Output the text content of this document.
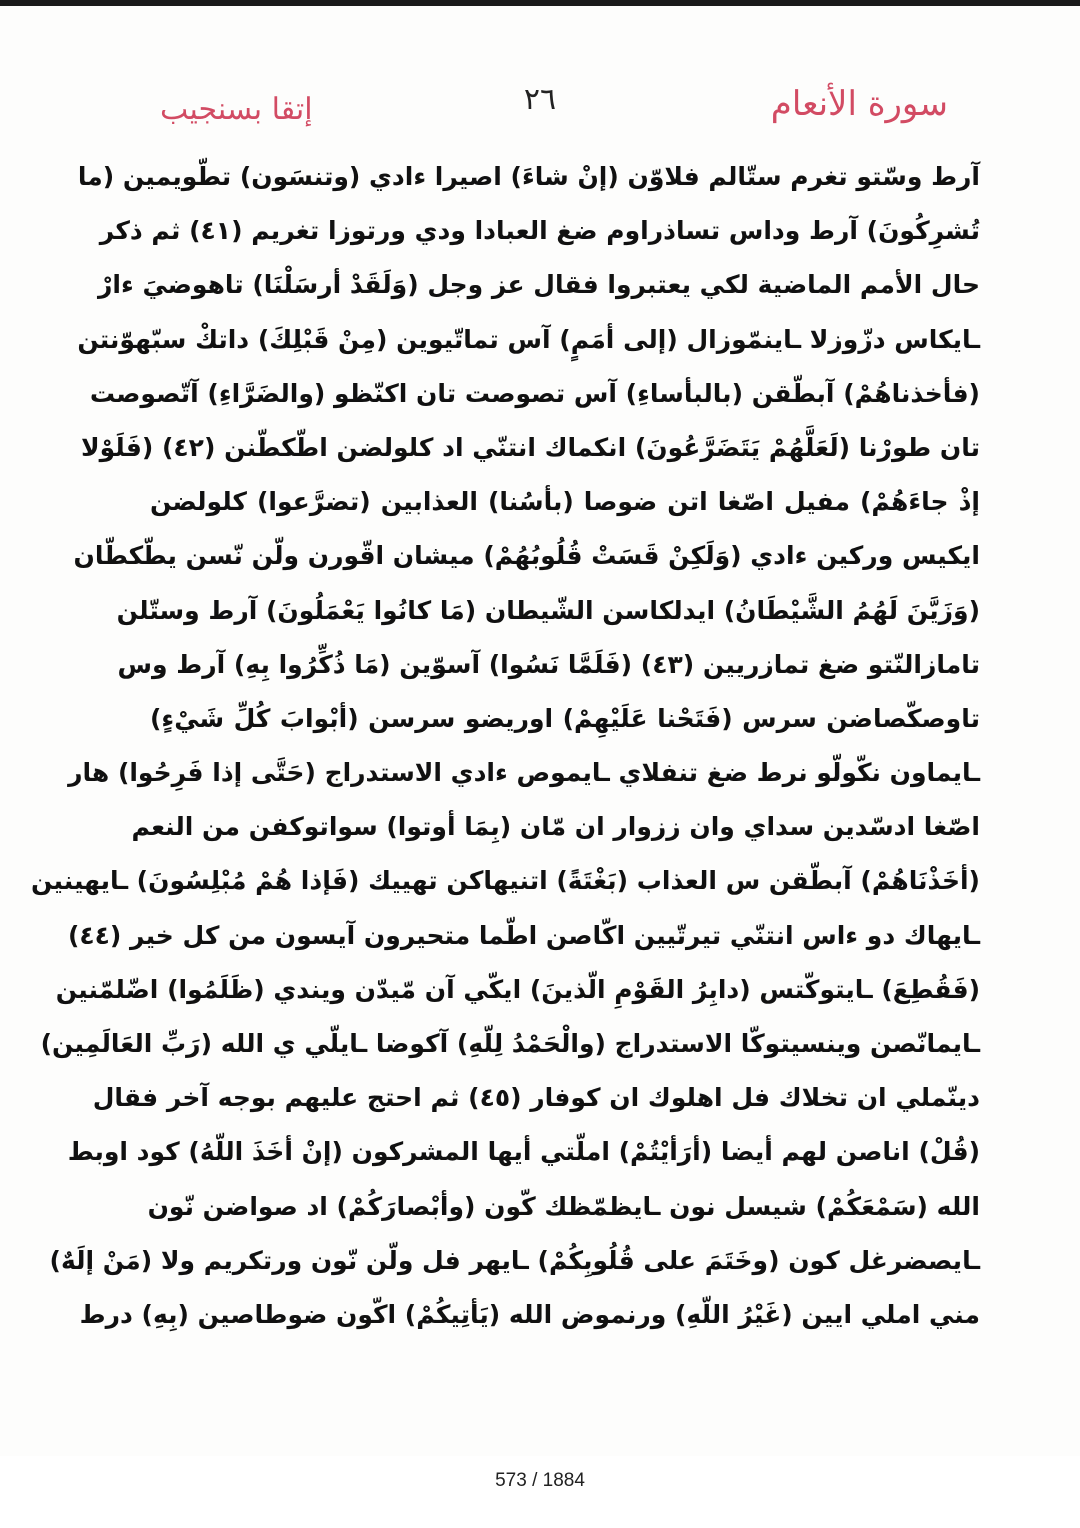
سورة الأنعام
٢٦
إتقا بسنجيب
آرط وسّتو تغرم ستّالم فلاوّن (إنْ شاءَ) اصيرا ءادي (وتنسَون) تطّويمين (ما
تُشرِكُونَ) آرط وداس تساذراوم ضغ العبادا ودي ورتوزا تغريم (٤١) ثم ذكر
حال الأمم الماضية لكي يعتبروا فقال عز وجل (وَلَقَدْ أرسَلْنَا) تاهوضيَ ءارْ
ـايكاس دزّوزلا ـاينمّوزال (إلى أمَمٍ) آس تماتّيوين (مِنْ قَبْلِكَ) داتكْ سبّهوّنتن
(فأخذناهُمْ) آبطّقن (بالبأساءِ) آس تصوصت تان اكنّظو (والضَرَّاءِ) آتّصوصت
تان طورْنا (لَعَلَّهُمْ يَتَضَرَّعُونَ) انكماك انتنّي اد كلولضن اطّكطّنن (٤٢) (فَلَوْلا
إذْ جاءَهُمْ) مفيل اصّغا اتن ضوصا (بأسُنا) العذابين (تضرَّعوا) كلولضن
ايكيس وركين ءادي (وَلَكِنْ قَسَتْ قُلُوبُهُمْ) ميشان اقّورن ولّن نّسن يطّكطّان
(وَزَيَّنَ لَهُمُ الشَّيْطَانُ) ايدلكاسن الشّيطان (مَا كانُوا يَعْمَلُونَ) آرط وستّلن
تامازالنّتو ضغ تمازريين (٤٣) (فَلَمَّا نَسُوا) آسوّين (مَا ذُكِّرُوا بِهِ) آرط وس
تاوصكّصاضن سرس (فَتَحْنا عَلَيْهِمْ) اوريضو سرسن (أبْوابَ كُلِّ شَيْءٍ)
ـايماون نكّولّو نرط ضغ تنفلاي ـايموص ءادي الاستدراج (حَتَّى إذا فَرِحُوا) هار
اصّغا ادسّدين سداي وان ززوار ان مّان (بِمَا أوتوا) سواتوكفن من النعم
(أخَذْنَاهُمْ) آبطّقن س العذاب (بَغْتَةً) اتنيهاكن تهييك (فَإذا هُمْ مُبْلِسُونَ) ـايهينين
ـايهاك دو ءاس انتنّي تيرتّيين اكّاصن اطّما متحيرون آيسون من كل خير (٤٤)
(فَقُطِعَ) ـايتوكّتس (دابِرُ القَوْمِ الّذينَ) ايكّي آن مّيدّن ويندي (ظَلَمُوا) اضّلمّنين
ـايمانّصن وينسيتوكّا الاستدراج (والْحَمْدُ لِلّهِ) آكوضا ـايلّي ي الله (رَبِّ العَالَمِين)
دينّملي ان تخلاك فل اهلوك ان كوفار (٤٥) ثم احتج عليهم بوجه آخر فقال
(قُلْ) اناصن لهم أيضا (أرَأيْتُمْ) املّتي أيها المشركون (إنْ أخَذَ اللّهُ) كود اوبط
الله (سَمْعَكُمْ) شيسل نون ـايظمّظك كّون (وأبْصارَكُمْ) اد صواضن نّون
ـايصضرغل كون (وخَتَمَ على قُلُوبِكُمْ) ـايهر فل ولّن نّون ورتكريم ولا (مَنْ إلَهٌ)
مني املي ايين (غَيْرُ اللّهِ) ورنموض الله (يَأتِيكُمْ) اكّون ضوطاصين (بِهِ) درط
573 / 1884
